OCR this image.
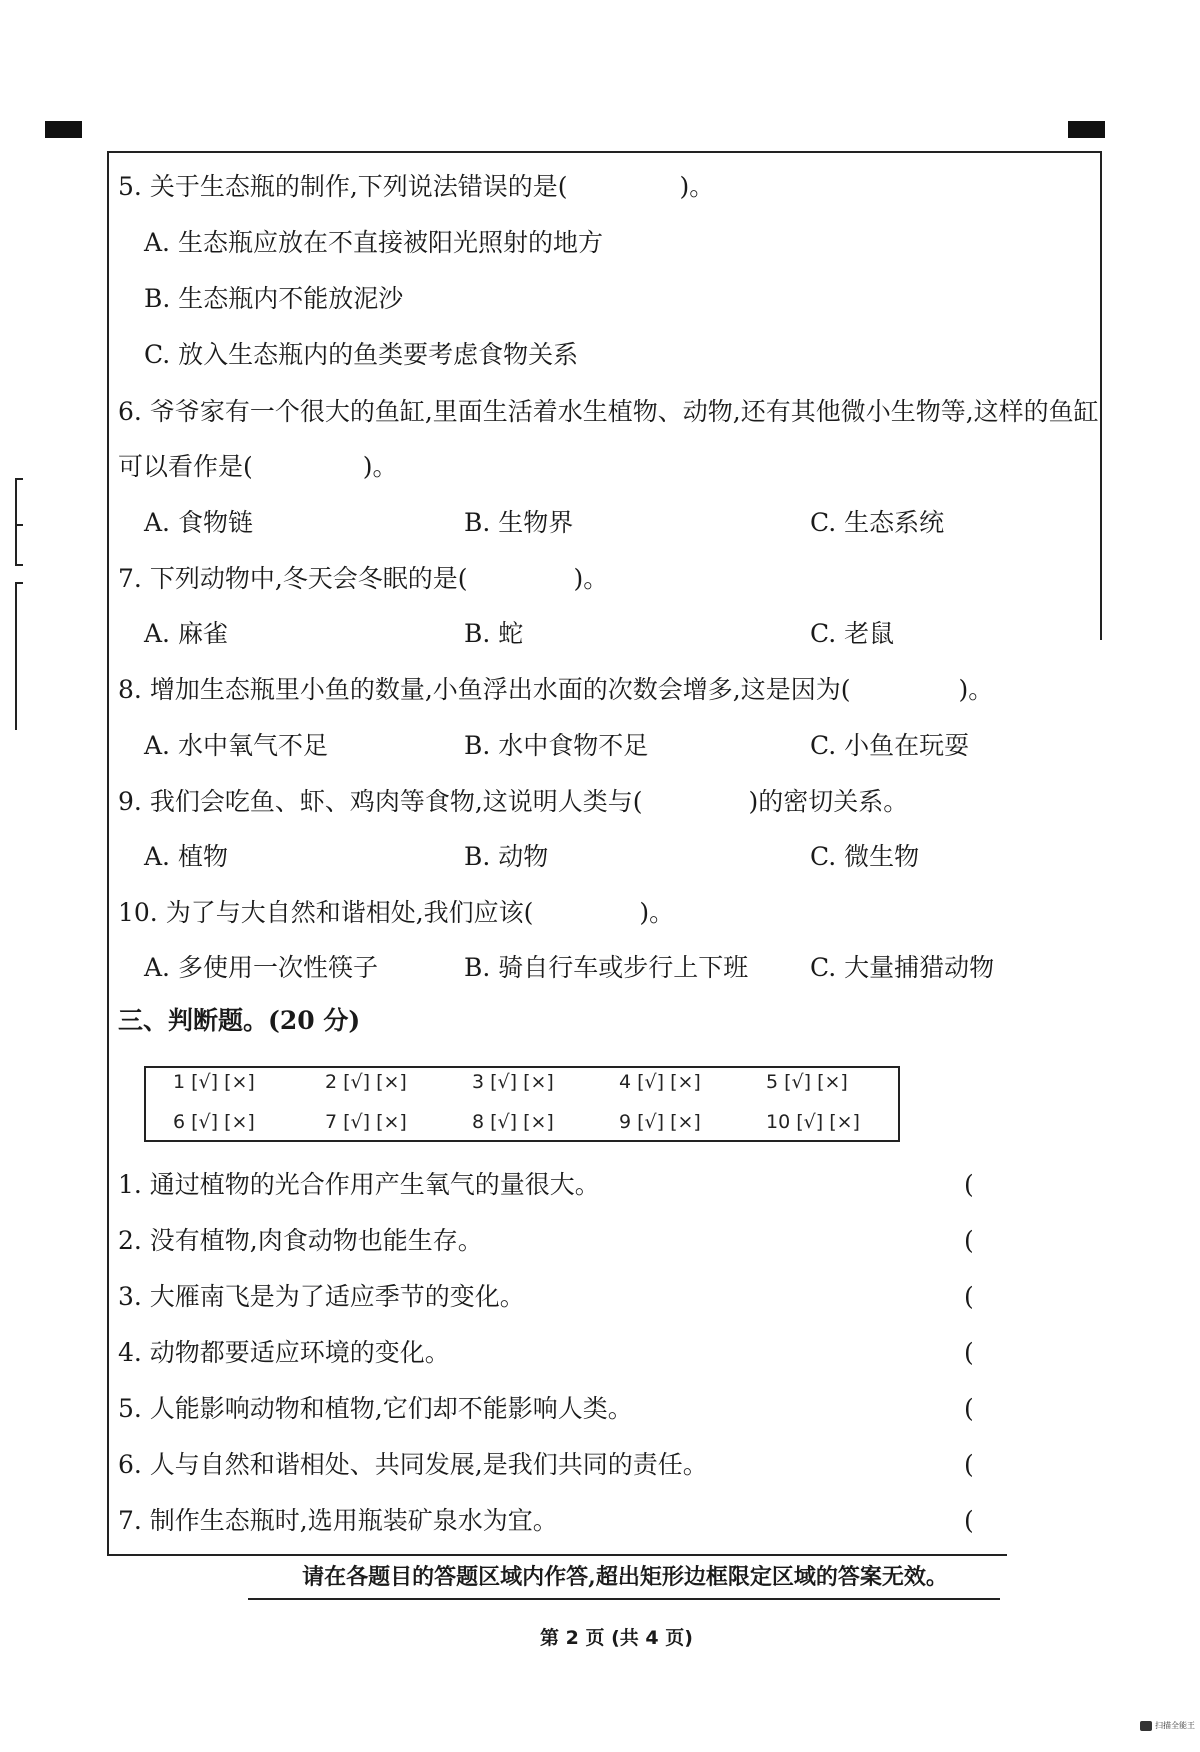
5. 关于生态瓶的制作,下列说法错误的是(	)。
A. 生态瓶应放在不直接被阳光照射的地方
B. 生态瓶内不能放泥沙
C. 放入生态瓶内的鱼类要考虑食物关系
6. 爷爷家有一个很大的鱼缸,里面生活着水生植物、动物,还有其他微小生物等,这样的鱼缸
可以看作是(	)。
A. 食物链	B. 生物界	C. 生态系统
7. 下列动物中,冬天会冬眠的是(	)。
A. 麻雀	B. 蛇	C. 老鼠
8. 增加生态瓶里小鱼的数量,小鱼浮出水面的次数会增多,这是因为(	)。
A. 水中氧气不足	B. 水中食物不足	C. 小鱼在玩耍
9. 我们会吃鱼、虾、鸡肉等食物,这说明人类与(	)的密切关系。
A. 植物	B. 动物	C. 微生物
10. 为了与大自然和谐相处,我们应该(	)。
A. 多使用一次性筷子	B. 骑自行车或步行上下班 C. 大量捕猎动物
三、判断题。(20 分)
1 [√] [×]	2 [√] [×]	3 [√] [×]	4 [√] [×]	5 [√] [×]
6 [√] [×]	7 [√] [×]	8 [√] [×]	9 [√] [×]	10 [√] [×]
1. 通过植物的光合作用产生氧气的量很大。	(
2. 没有植物,肉食动物也能生存。	(
3. 大雁南飞是为了适应季节的变化。	(
4. 动物都要适应环境的变化。	(
5. 人能影响动物和植物,它们却不能影响人类。	(
6. 人与自然和谐相处、共同发展,是我们共同的责任。	(
7. 制作生态瓶时,选用瓶装矿泉水为宜。	(
请在各题目的答题区域内作答,超出矩形边框限定区域的答案无效。
第 2 页 (共 4 页)
扫描全能王
